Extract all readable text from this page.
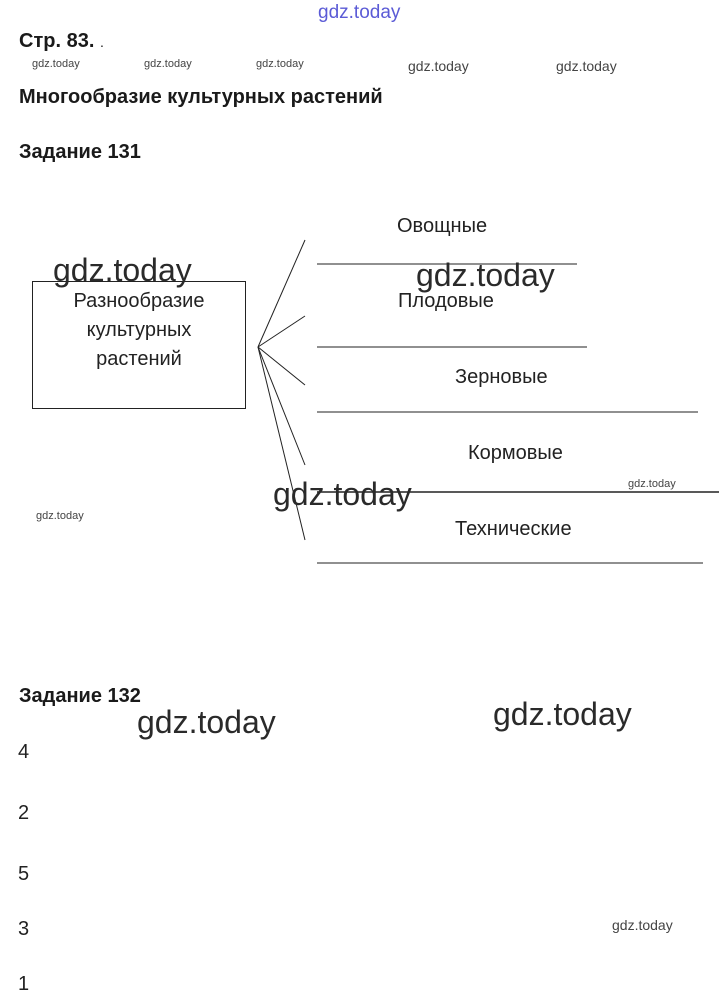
gdz.today
Стр. 83. .
gdz.today	gdz.today	gdz.today	gdz.today	gdz.today
Многообразие культурных растений
Задание 131
Разнообразие
культурных
растений
Овощные
Плодовые
Зерновые
Кормовые
Технические
gdz.today	gdz.today
gdz.today	gdz.today
gdz.today
Задание 132
gdz.today	gdz.today
4
2
5
3
1
gdz.today
